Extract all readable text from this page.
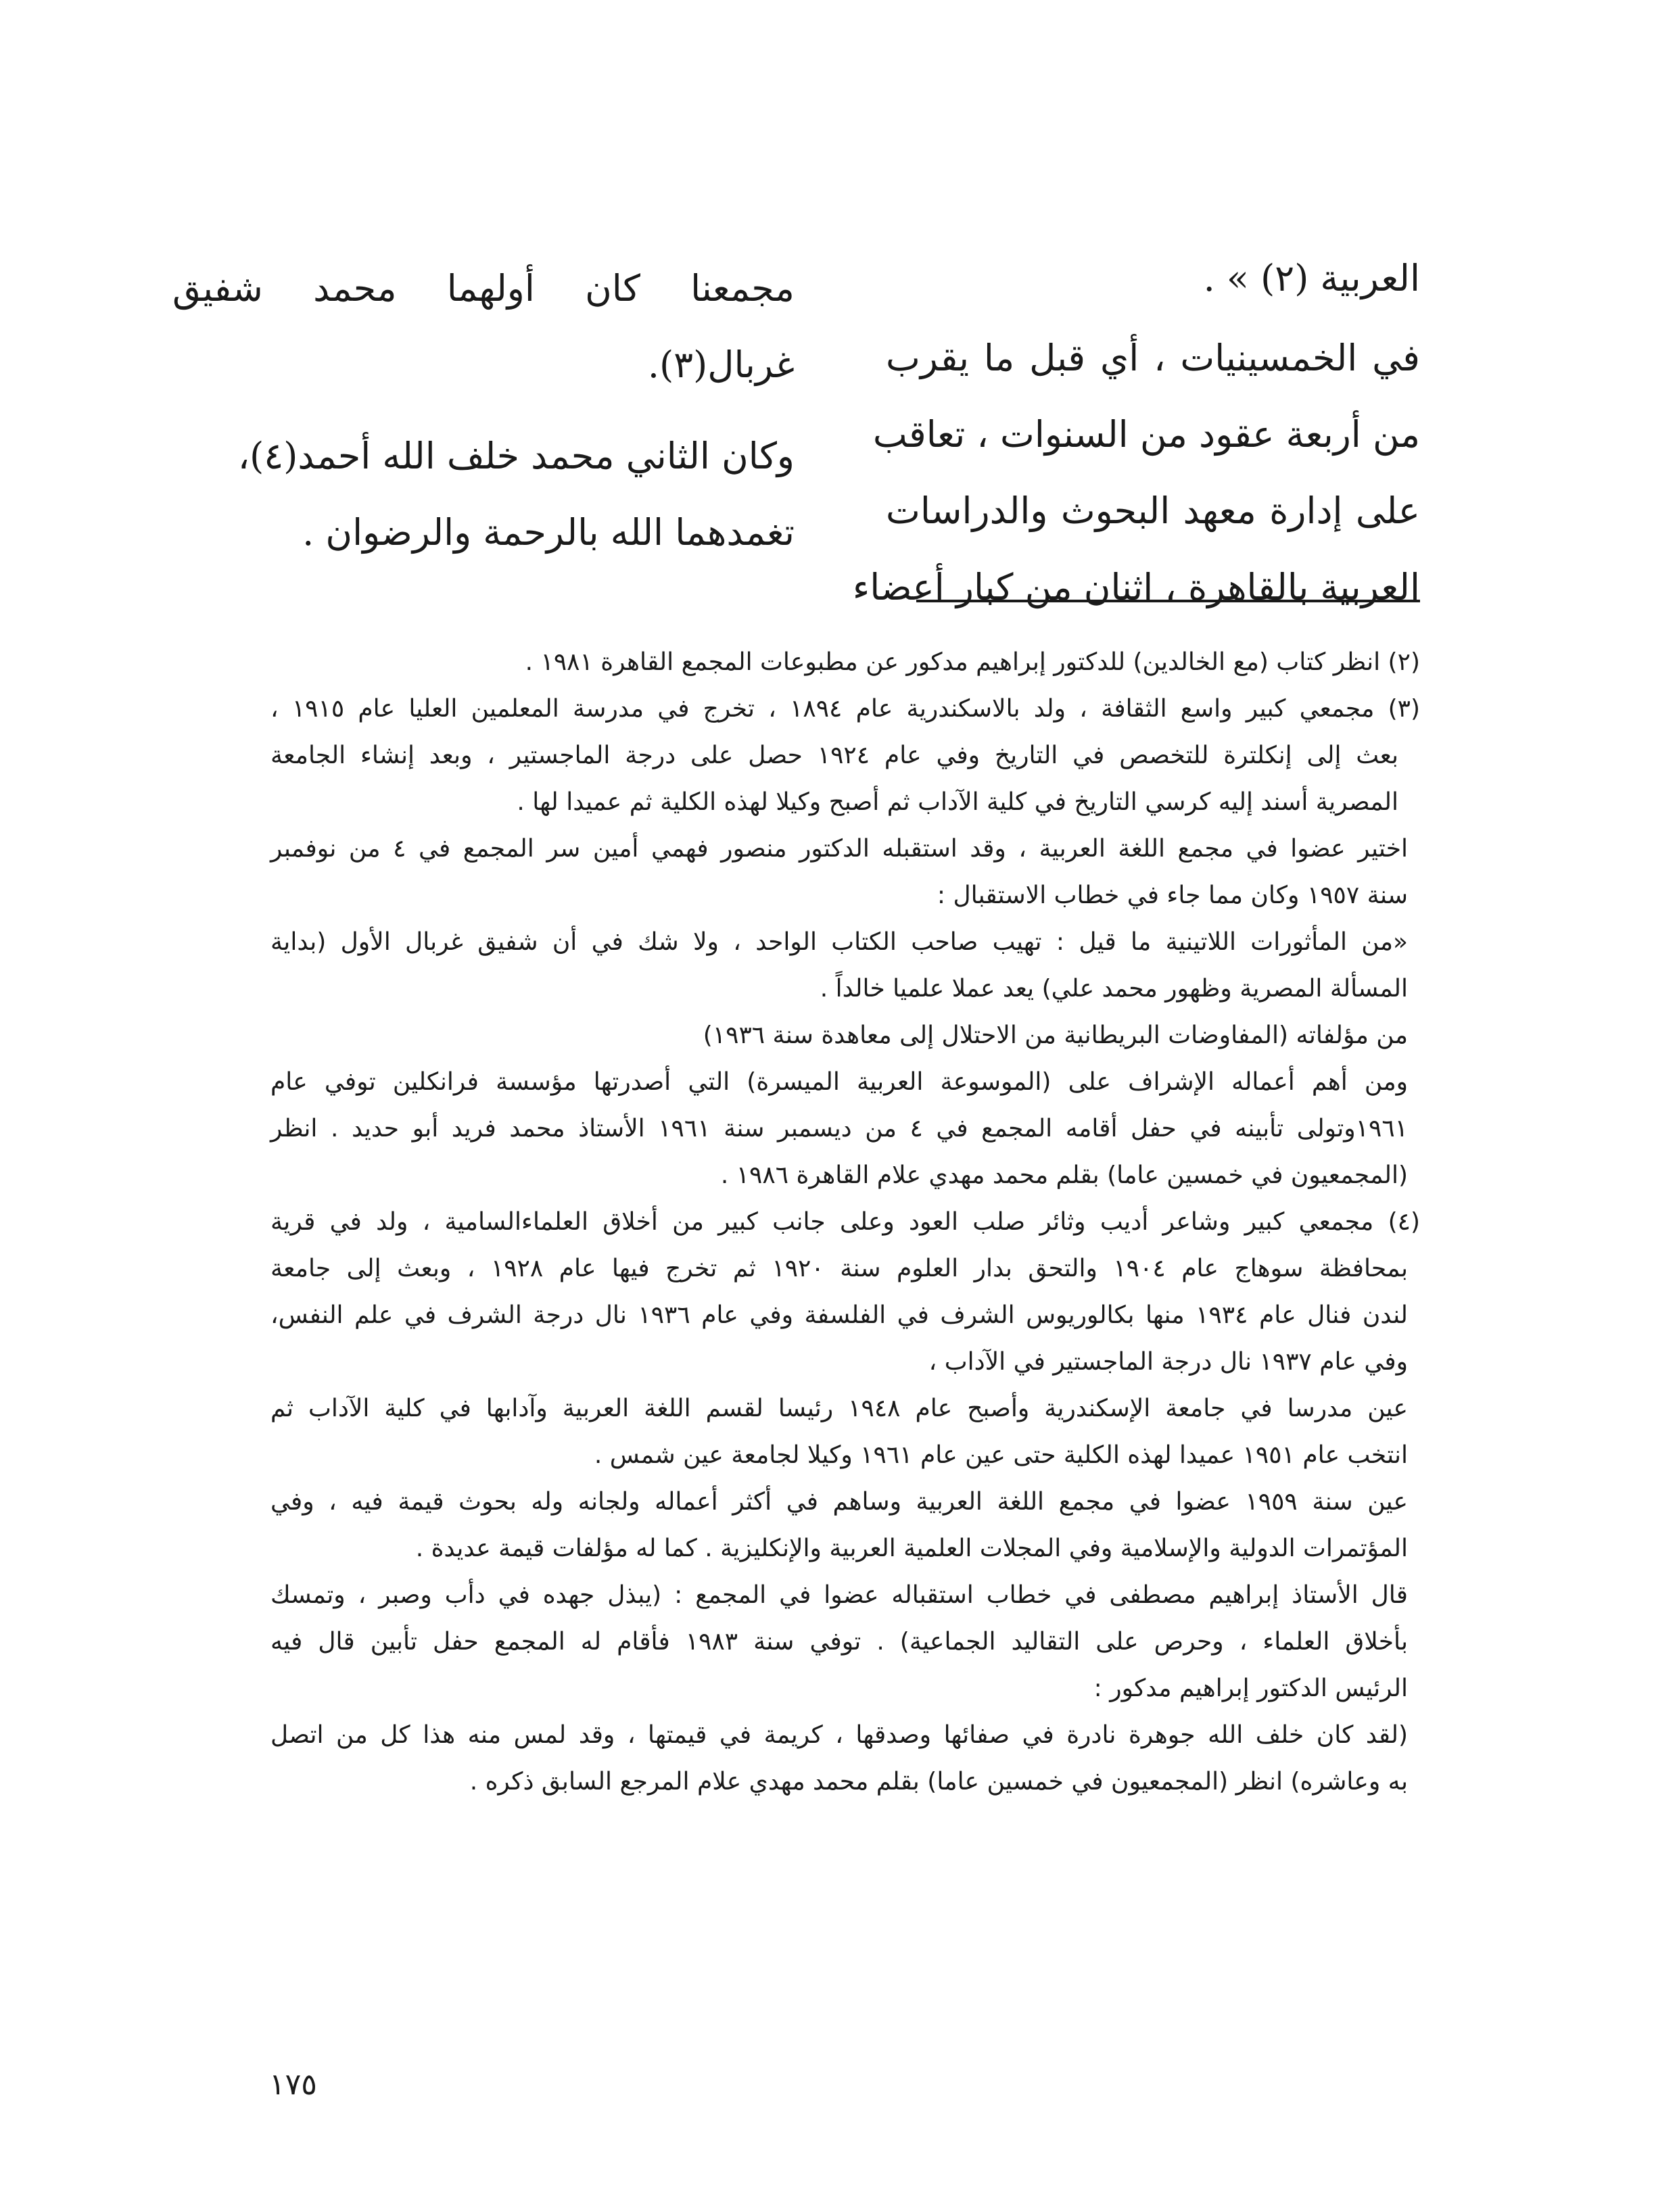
العربية (٢) » .
في الخمسينيات ، أي قبل ما يقرب
من أربعة عقود من السنوات ، تعاقب
على إدارة معهد البحوث والدراسات
العربية بالقاهرة ، اثنان من كبار أعضاء
مجمعنا كان أولهما محمد شفيق
غربال(٣).
وكان الثاني محمد خلف الله أحمد(٤)،
تغمدهما الله بالرحمة والرضوان .
(٢) انظر كتاب (مع الخالدين) للدكتور إبراهيم مدكور عن مطبوعات المجمع القاهرة ١٩٨١ .
(٣) مجمعي كبير واسع الثقافة ، ولد بالاسكندرية عام ١٨٩٤ ، تخرج في مدرسة المعلمين العليا عام ١٩١٥ ،
بعث إلى إنكلترة للتخصص في التاريخ وفي عام ١٩٢٤ حصل على درجة الماجستير ، وبعد إنشاء الجامعة
المصرية أسند إليه كرسي التاريخ في كلية الآداب ثم أصبح وكيلا لهذه الكلية ثم عميدا لها .
اختير عضوا في مجمع اللغة العربية ، وقد استقبله الدكتور منصور فهمي أمين سر المجمع في ٤ من نوفمبر
سنة ١٩٥٧ وكان مما جاء في خطاب الاستقبال :
«من المأثورات اللاتينية ما قيل : تهيب صاحب الكتاب الواحد ، ولا شك في أن شفيق غربال الأول (بداية
المسألة المصرية وظهور محمد علي) يعد عملا علميا خالداً .
من مؤلفاته (المفاوضات البريطانية من الاحتلال إلى معاهدة سنة ١٩٣٦)
ومن أهم أعماله الإشراف على (الموسوعة العربية الميسرة) التي أصدرتها مؤسسة فرانكلين توفي عام
١٩٦١وتولى تأبينه في حفل أقامه المجمع في ٤ من ديسمبر سنة ١٩٦١ الأستاذ محمد فريد أبو حديد . انظر
(المجمعيون في خمسين عاما) بقلم محمد مهدي علام القاهرة ١٩٨٦ .
(٤) مجمعي كبير وشاعر أديب وثائر صلب العود وعلى جانب كبير من أخلاق العلماءالسامية ، ولد في قرية
بمحافظة سوهاج عام ١٩٠٤ والتحق بدار العلوم سنة ١٩٢٠ ثم تخرج فيها عام ١٩٢٨ ، وبعث إلى جامعة
لندن فنال عام ١٩٣٤ منها بكالوريوس الشرف في الفلسفة وفي عام ١٩٣٦ نال درجة الشرف في علم النفس،
وفي عام ١٩٣٧ نال درجة الماجستير في الآداب ،
عين مدرسا في جامعة الإسكندرية وأصبح عام ١٩٤٨ رئيسا لقسم اللغة العربية وآدابها في كلية الآداب ثم
انتخب عام ١٩٥١ عميدا لهذه الكلية حتى عين عام ١٩٦١ وكيلا لجامعة عين شمس .
عين سنة ١٩٥٩ عضوا في مجمع اللغة العربية وساهم في أكثر أعماله ولجانه وله بحوث قيمة فيه ، وفي
المؤتمرات الدولية والإسلامية وفي المجلات العلمية العربية والإنكليزية . كما له مؤلفات قيمة عديدة .
قال الأستاذ إبراهيم مصطفى في خطاب استقباله عضوا في المجمع : (يبذل جهده في دأب وصبر ، وتمسك
بأخلاق العلماء ، وحرص على التقاليد الجماعية) . توفي سنة ١٩٨٣ فأقام له المجمع حفل تأبين قال فيه
الرئيس الدكتور إبراهيم مدكور :
(لقد كان خلف الله جوهرة نادرة في صفائها وصدقها ، كريمة في قيمتها ، وقد لمس منه هذا كل من اتصل
به وعاشره) انظر (المجمعيون في خمسين عاما) بقلم محمد مهدي علام المرجع السابق ذكره .
١٧٥
